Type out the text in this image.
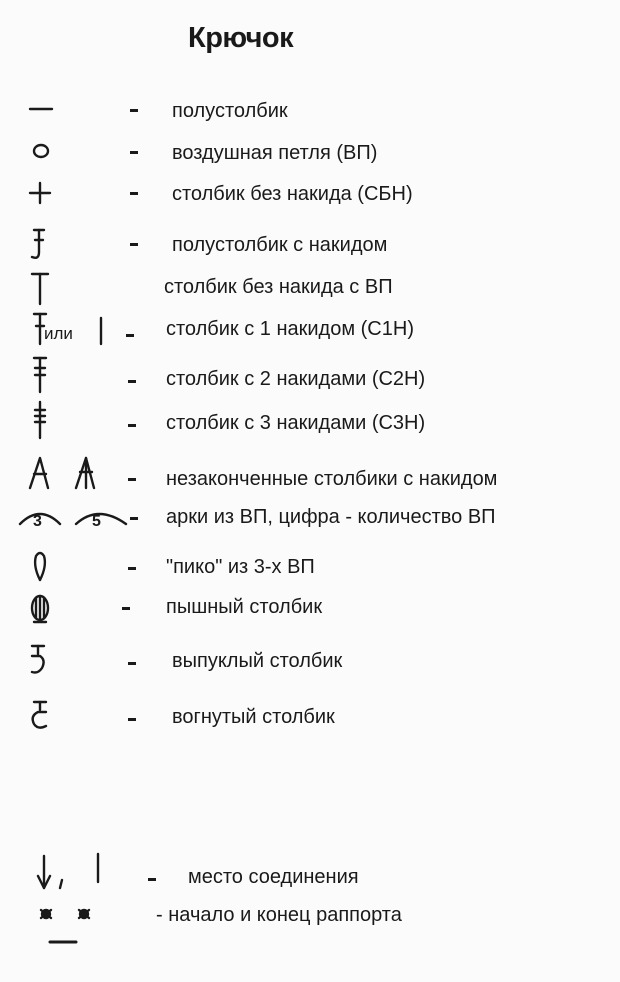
Крючок
полустолбик
воздушная петля (ВП)
столбик без накида (СБН)
полустолбик с накидом
столбик без накида с ВП
или	столбик с 1 накидом (С1Н)
столбик с 2 накидами (С2Н)
столбик с 3 накидами (С3Н)
незаконченные столбики с накидом
3	5	арки из ВП, цифра - количество ВП
"пико" из 3-х ВП
пышный столбик
выпуклый столбик
вогнутый столбик
место соединения
- начало и конец раппорта
